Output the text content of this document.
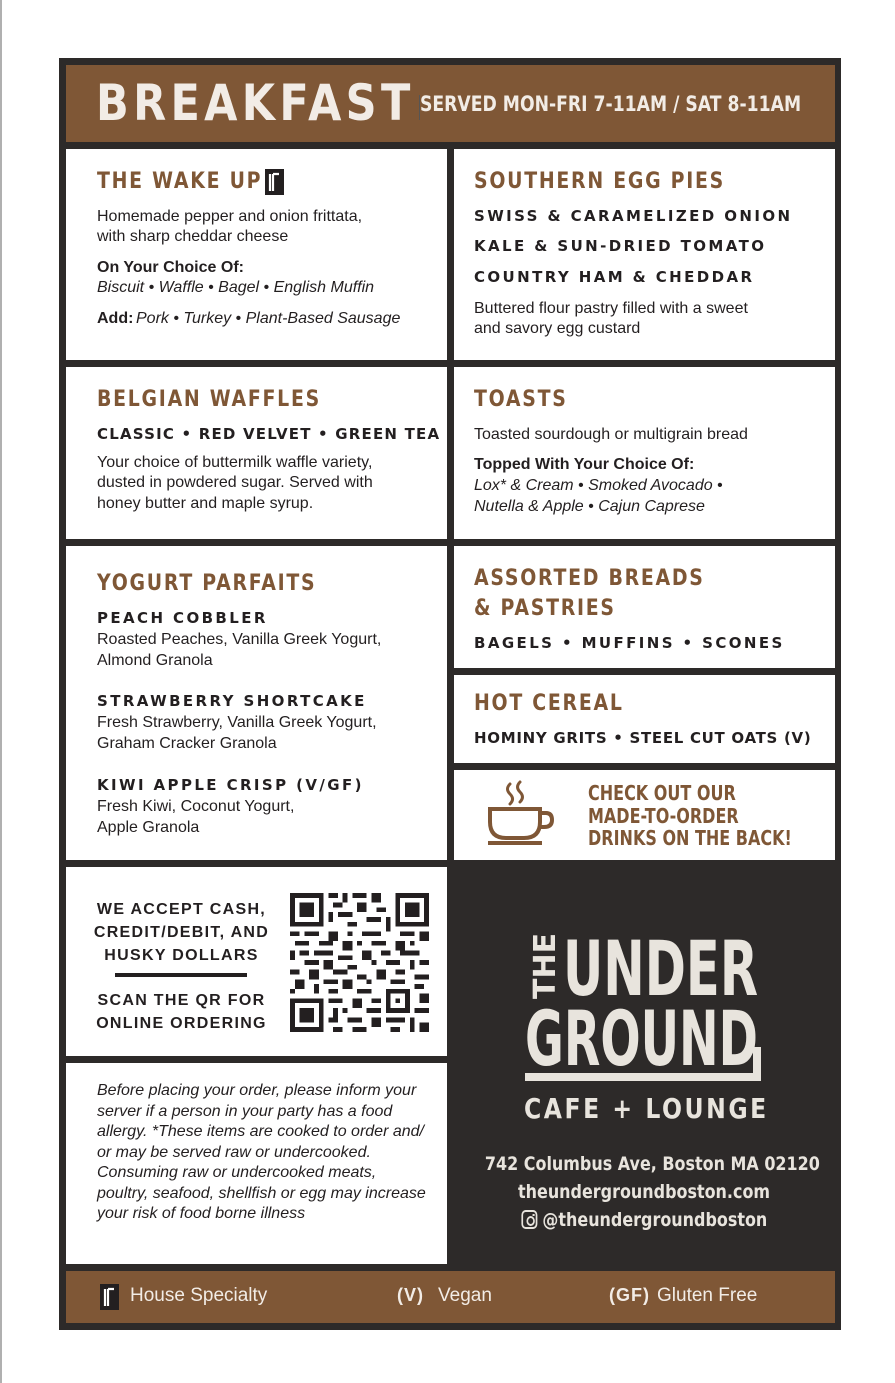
BREAKFAST SERVED MON-FRI 7-11AM / SAT 8-11AM
THE WAKE UP
Homemade pepper and onion frittata,
with sharp cheddar cheese
On Your Choice Of:
Biscuit • Waffle • Bagel • English Muffin
Add: Pork • Turkey • Plant-Based Sausage
SOUTHERN EGG PIES
SWISS & CARAMELIZED ONION
KALE & SUN-DRIED TOMATO
COUNTRY HAM & CHEDDAR
Buttered flour pastry filled with a sweet
and savory egg custard
BELGIAN WAFFLES
CLASSIC • RED VELVET • GREEN TEA
Your choice of buttermilk waffle variety,
dusted in powdered sugar. Served with
honey butter and maple syrup.
TOASTS
Toasted sourdough or multigrain bread
Topped With Your Choice Of:
Lox* & Cream • Smoked Avocado •
Nutella & Apple • Cajun Caprese
YOGURT PARFAITS
PEACH COBBLER
Roasted Peaches, Vanilla Greek Yogurt,
Almond Granola
STRAWBERRY SHORTCAKE
Fresh Strawberry, Vanilla Greek Yogurt,
Graham Cracker Granola
KIWI APPLE CRISP (V/GF)
Fresh Kiwi, Coconut Yogurt,
Apple Granola
ASSORTED BREADS
& PASTRIES
BAGELS • MUFFINS • SCONES
HOT CEREAL
HOMINY GRITS • STEEL CUT OATS (V)
CHECK OUT OUR
MADE-TO-ORDER
DRINKS ON THE BACK!
WE ACCEPT CASH,
CREDIT/DEBIT, AND
HUSKY DOLLARS
SCAN THE QR FOR
ONLINE ORDERING
Before placing your order, please inform your server if a person in your party has a food allergy. *These items are cooked to order and/ or may be served raw or undercooked. Consuming raw or undercooked meats, poultry, seafood, shellfish or egg may increase your risk of food borne illness
THE UNDER
GROUND
CAFE + LOUNGE
742 Columbus Ave, Boston MA 02120
theundergroundboston.com
@theundergroundboston
House Specialty	(V) Vegan	(GF) Gluten Free
